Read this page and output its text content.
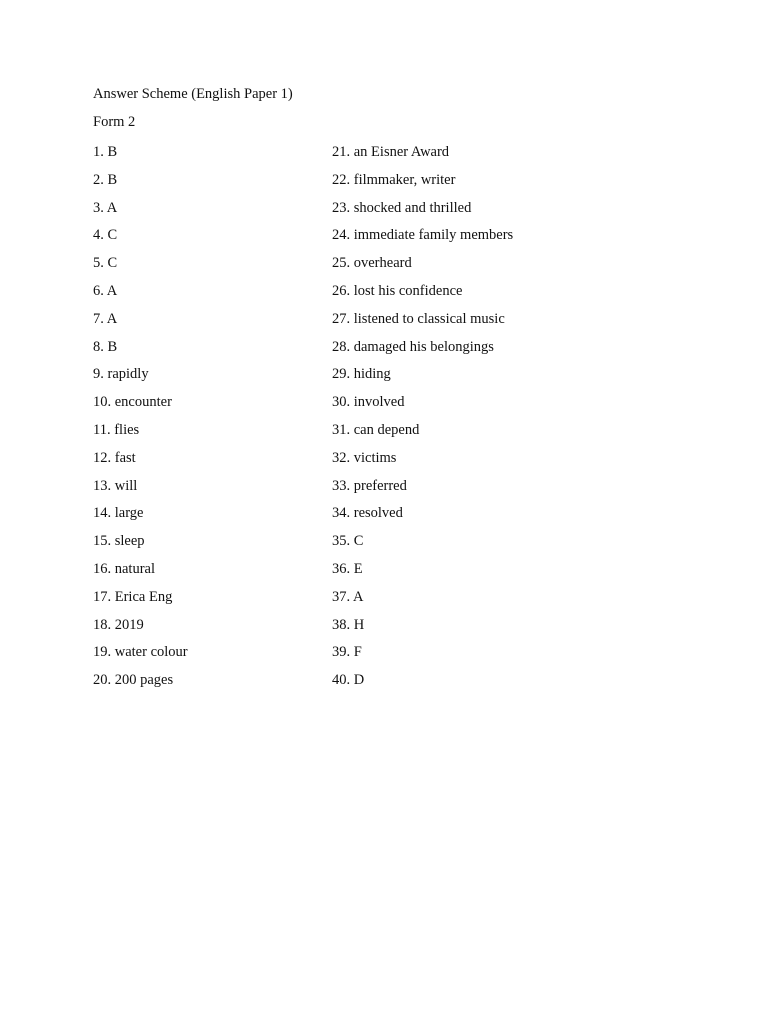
Answer Scheme (English Paper 1)
Form 2
1. B
2. B
3. A
4. C
5. C
6. A
7. A
8. B
9. rapidly
10. encounter
11. flies
12. fast
13. will
14. large
15. sleep
16. natural
17. Erica Eng
18. 2019
19. water colour
20. 200 pages
21. an Eisner Award
22. filmmaker, writer
23. shocked and thrilled
24. immediate family members
25. overheard
26. lost his confidence
27. listened to classical music
28. damaged his belongings
29. hiding
30. involved
31. can depend
32. victims
33. preferred
34. resolved
35. C
36. E
37. A
38. H
39. F
40. D
